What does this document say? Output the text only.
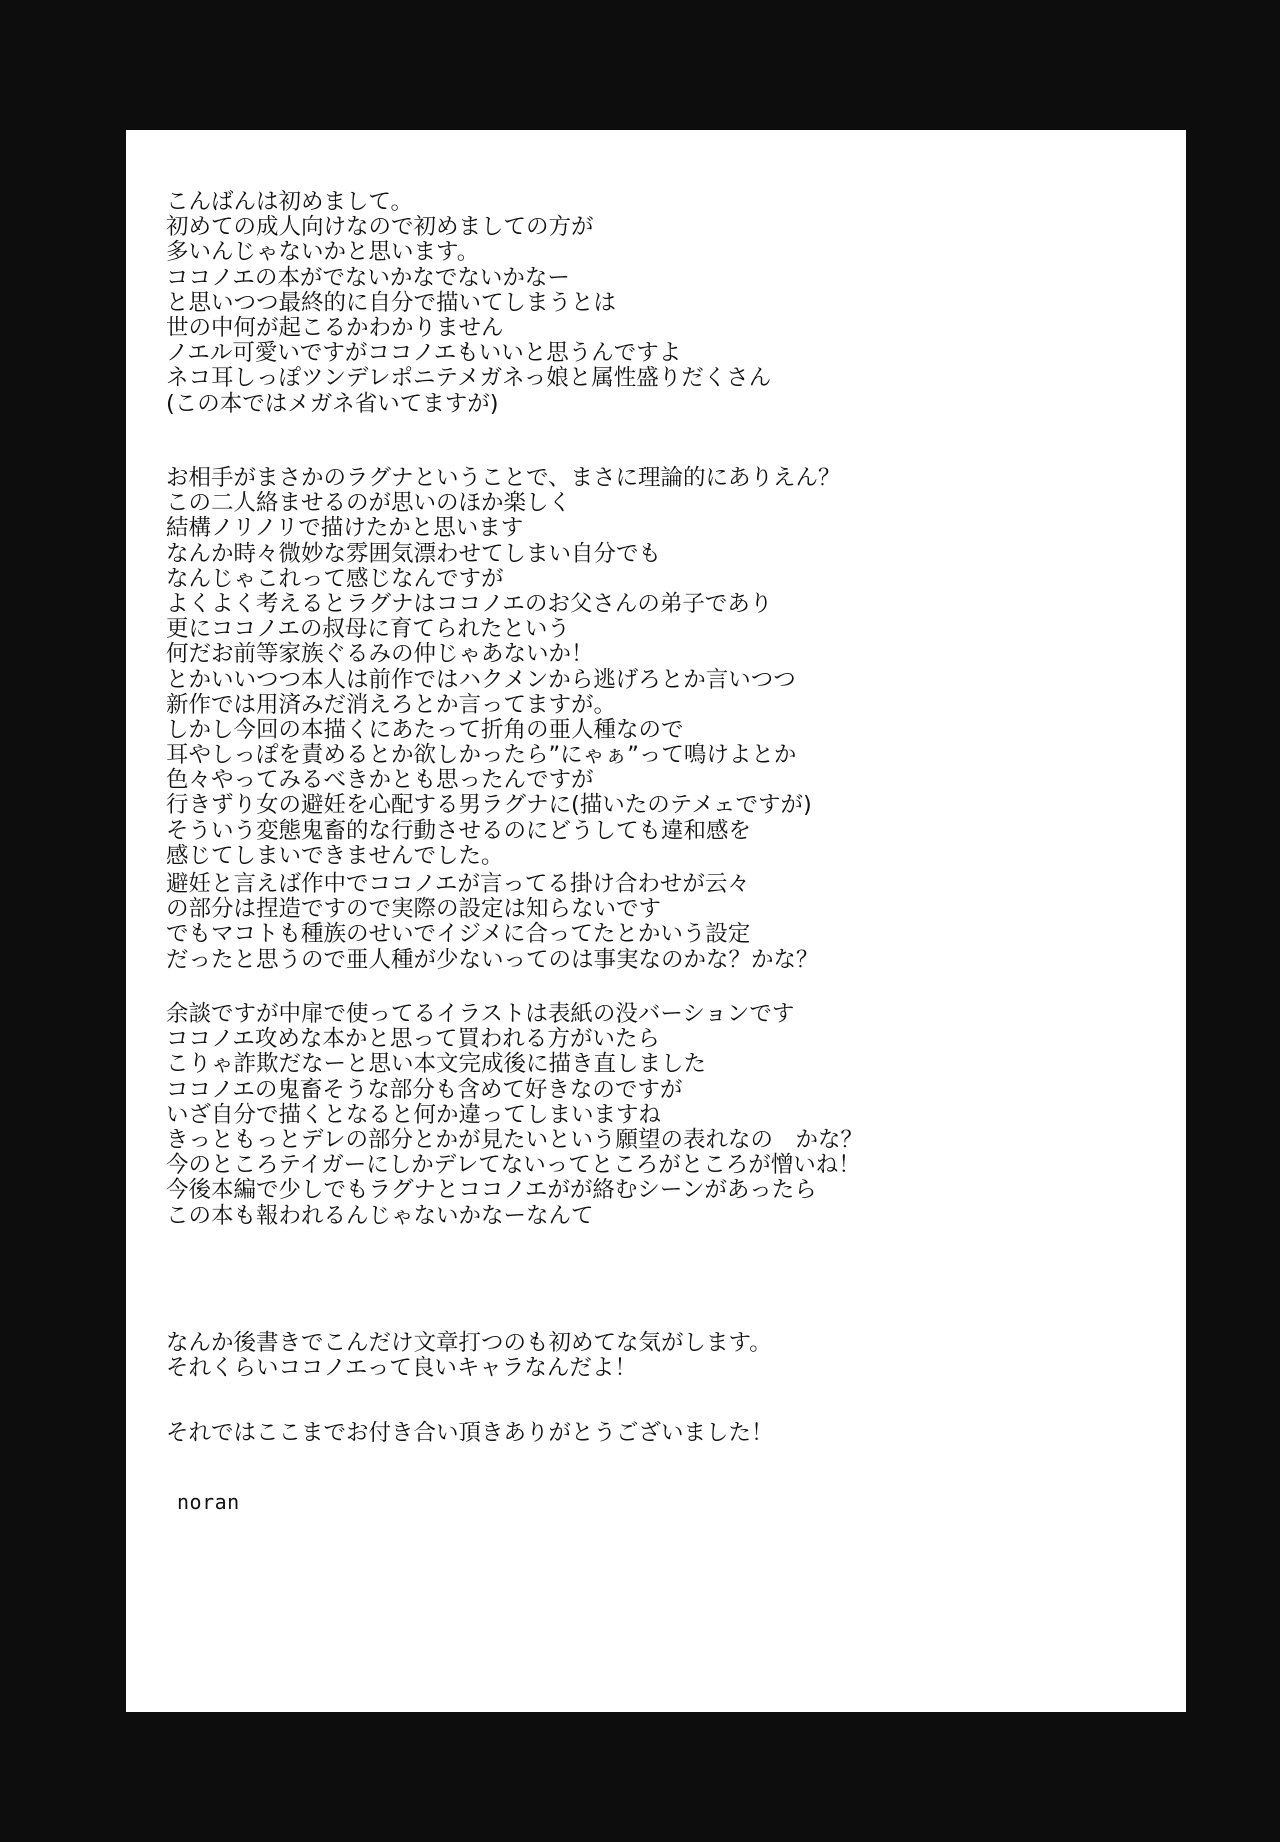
こんばんは初めまして。
初めての成人向けなので初めましての方が
多いんじゃないかと思います。
ココノエの本がでないかなでないかなー
と思いつつ最終的に自分で描いてしまうとは
世の中何が起こるかわかりません
ノエル可愛いですがココノエもいいと思うんですよ
ネコ耳しっぽツンデレポニテメガネっ娘と属性盛りだくさん
(この本ではメガネ省いてますが)
お相手がまさかのラグナということで、まさに理論的にありえん？
この二人絡ませるのが思いのほか楽しく
結構ノリノリで描けたかと思います
なんか時々微妙な雰囲気漂わせてしまい自分でも
なんじゃこれって感じなんですが
よくよく考えるとラグナはココノエのお父さんの弟子であり
更にココノエの叔母に育てられたという
何だお前等家族ぐるみの仲じゃあないか！
とかいいつつ本人は前作ではハクメンから逃げろとか言いつつ
新作では用済みだ消えろとか言ってますが。
しかし今回の本描くにあたって折角の亜人種なので
耳やしっぽを責めるとか欲しかったら”にゃぁ”って鳴けよとか
色々やってみるべきかとも思ったんですが
行きずり女の避妊を心配する男ラグナに(描いたのテメェですが)
そういう変態鬼畜的な行動させるのにどうしても違和感を
感じてしまいできませんでした。
避妊と言えば作中でココノエが言ってる掛け合わせが云々
の部分は捏造ですので実際の設定は知らないです
でもマコトも種族のせいでイジメに合ってたとかいう設定
だったと思うので亜人種が少ないってのは事実なのかな？かな？
余談ですが中扉で使ってるイラストは表紙の没バーションです
ココノエ攻めな本かと思って買われる方がいたら
こりゃ詐欺だなーと思い本文完成後に描き直しました
ココノエの鬼畜そうな部分も含めて好きなのですが
いざ自分で描くとなると何か違ってしまいますね
きっともっとデレの部分とかが見たいという願望の表れなの　かな？
今のところテイガーにしかデレてないってところがところが憎いね！
今後本編で少しでもラグナとココノエがが絡むシーンがあったら
この本も報われるんじゃないかなーなんて
なんか後書きでこんだけ文章打つのも初めてな気がします。
それくらいココノエって良いキャラなんだよ！
それではここまでお付き合い頂きありがとうございました！

noran
